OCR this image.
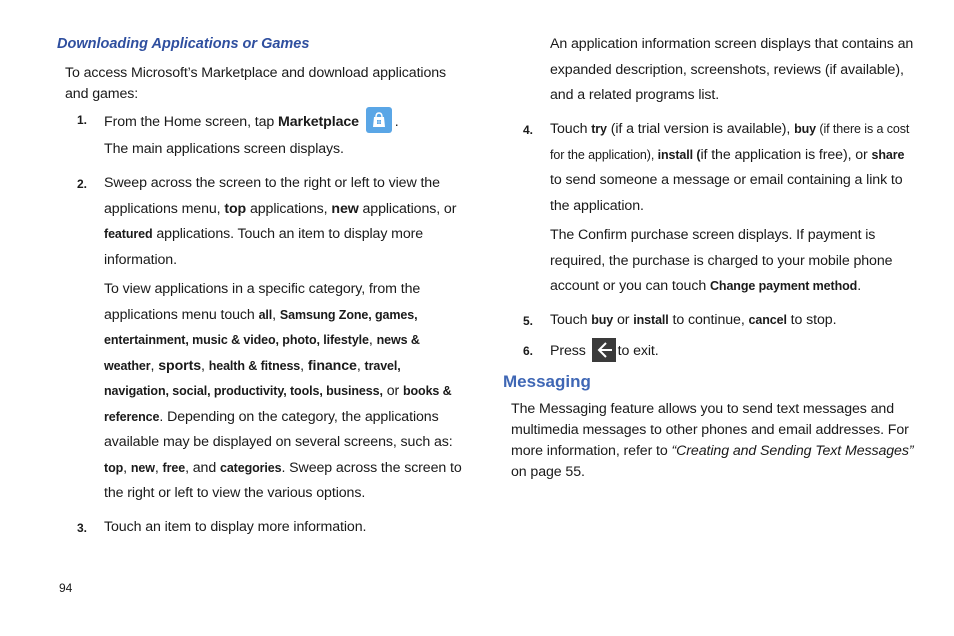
Downloading Applications or Games
To access Microsoft’s Marketplace and download applications and games:
1. From the Home screen, tap Marketplace	.
The main applications screen displays.
2. Sweep across the screen to the right or left to view the
applications menu, top applications, new applications, or
featured applications. Touch an item to display more
information.
To view applications in a specific category, from the
applications menu touch all, Samsung Zone, games,
entertainment, music & video, photo, lifestyle, news &
weather, sports, health & fitness, finance, travel,
navigation, social, productivity, tools, business, or books &
reference. Depending on the category, the applications
available may be displayed on several screens, such as:
top, new, free, and categories. Sweep across the screen to
the right or left to view the various options.
3. Touch an item to display more information.
94
An application information screen displays that contains an
expanded description, screenshots, reviews (if available),
and a related programs list.
4. Touch try (if a trial version is available), buy (if there is a cost
for the application), install (if the application is free), or share
to send someone a message or email containing a link to
the application.
The Confirm purchase screen displays. If payment is
required, the purchase is charged to your mobile phone
account or you can touch Change payment method.
5. Touch buy or install to continue, cancel to stop.
6. Press
to exit.
Messaging
The Messaging feature allows you to send text messages and
multimedia messages to other phones and email addresses. For
more information, refer to “Creating and Sending Text Messages”
on page 55.
